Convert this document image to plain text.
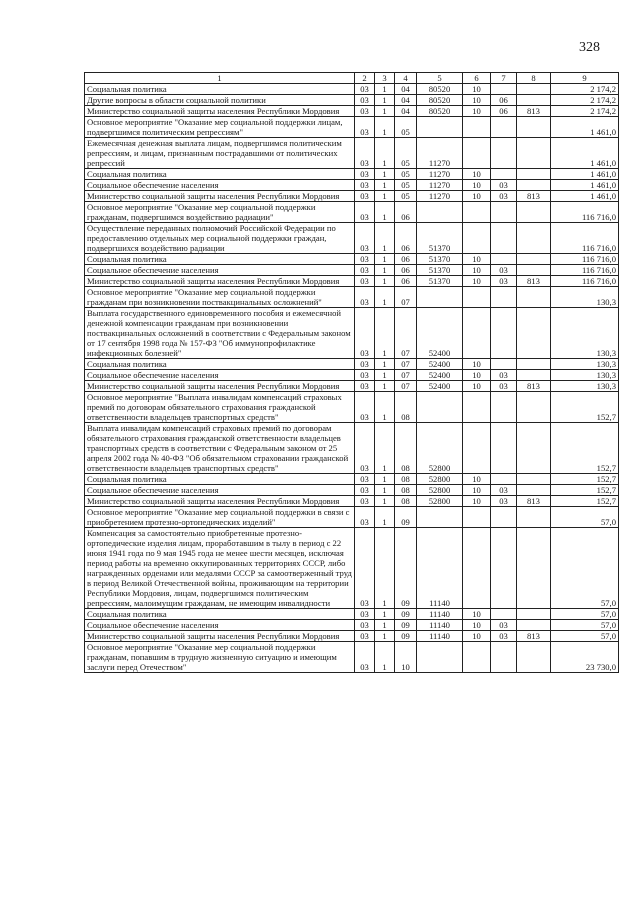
328
1	2	3	4	5	6	7	8	9
Социальная политика	03	1	04	80520	10			2 174,2
Другие вопросы в области социальной политики	03	1	04	80520	10	06		2 174,2
Министерство социальной защиты населения Республики Мордовия	03	1	04	80520	10	06	813	2 174,2
Основное мероприятие "Оказание мер социальной поддержки лицам, подвергшимся политическим репрессиям"	03	1	05					1 461,0
Ежемесячная денежная выплата лицам, подвергшимся политическим репрессиям, и лицам, признанным пострадавшими от политических репрессий	03	1	05	11270				1 461,0
Социальная политика	03	1	05	11270	10			1 461,0
Социальное обеспечение населения	03	1	05	11270	10	03		1 461,0
Министерство социальной защиты населения Республики Мордовия	03	1	05	11270	10	03	813	1 461,0
Основное мероприятие "Оказание мер социальной поддержки гражданам, подвергшимся воздействию радиации"	03	1	06					116 716,0
Осуществление переданных полномочий Российской Федерации по предоставлению отдельных мер социальной поддержки граждан, подвергшихся воздействию радиации	03	1	06	51370				116 716,0
Социальная политика	03	1	06	51370	10			116 716,0
Социальное обеспечение населения	03	1	06	51370	10	03		116 716,0
Министерство социальной защиты населения Республики Мордовия	03	1	06	51370	10	03	813	116 716,0
Основное мероприятие "Оказание мер социальной поддержки гражданам при возникновении поствакцинальных осложнений"	03	1	07					130,3
Выплата государственного единовременного пособия и ежемесячной денежной компенсации гражданам при возникновении поствакцинальных осложнений в соответствии с Федеральным законом от 17 сентября 1998 года № 157-ФЗ "Об иммунопрофилактике инфекционных болезней"	03	1	07	52400				130,3
Социальная политика	03	1	07	52400	10			130,3
Социальное обеспечение населения	03	1	07	52400	10	03		130,3
Министерство социальной защиты населения Республики Мордовия	03	1	07	52400	10	03	813	130,3
Основное мероприятие "Выплата инвалидам компенсаций страховых премий по договорам обязательного страхования гражданской ответственности владельцев транспортных средств"	03	1	08					152,7
Выплата инвалидам компенсаций страховых премий по договорам обязательного страхования гражданской ответственности владельцев транспортных средств в соответствии с Федеральным законом от 25 апреля 2002 года № 40-ФЗ "Об обязательном страховании гражданской ответственности владельцев транспортных средств"	03	1	08	52800				152,7
Социальная политика	03	1	08	52800	10			152,7
Социальное обеспечение населения	03	1	08	52800	10	03		152,7
Министерство социальной защиты населения Республики Мордовия	03	1	08	52800	10	03	813	152,7
Основное мероприятие "Оказание мер социальной поддержки в связи с приобретением протезно-ортопедических изделий"	03	1	09					57,0
Компенсация за самостоятельно приобретенные протезно-ортопедические изделия лицам, проработавшим в тылу в период с 22 июня 1941 года по 9 мая 1945 года не менее шести месяцев, исключая период работы на временно оккупированных территориях СССР, либо награжденных орденами или медалями СССР за самоотверженный труд в период Великой Отечественной войны, проживающим на территории Республики Мордовия, лицам, подвергшимся политическим репрессиям, малоимущим гражданам, не имеющим инвалидности	03	1	09	11140				57,0
Социальная политика	03	1	09	11140	10			57,0
Социальное обеспечение населения	03	1	09	11140	10	03		57,0
Министерство социальной защиты населения Республики Мордовия	03	1	09	11140	10	03	813	57,0
Основное мероприятие "Оказание мер социальной поддержки гражданам, попавшим в трудную жизненную ситуацию и имеющим заслуги перед Отечеством"	03	1	10					23 730,0
